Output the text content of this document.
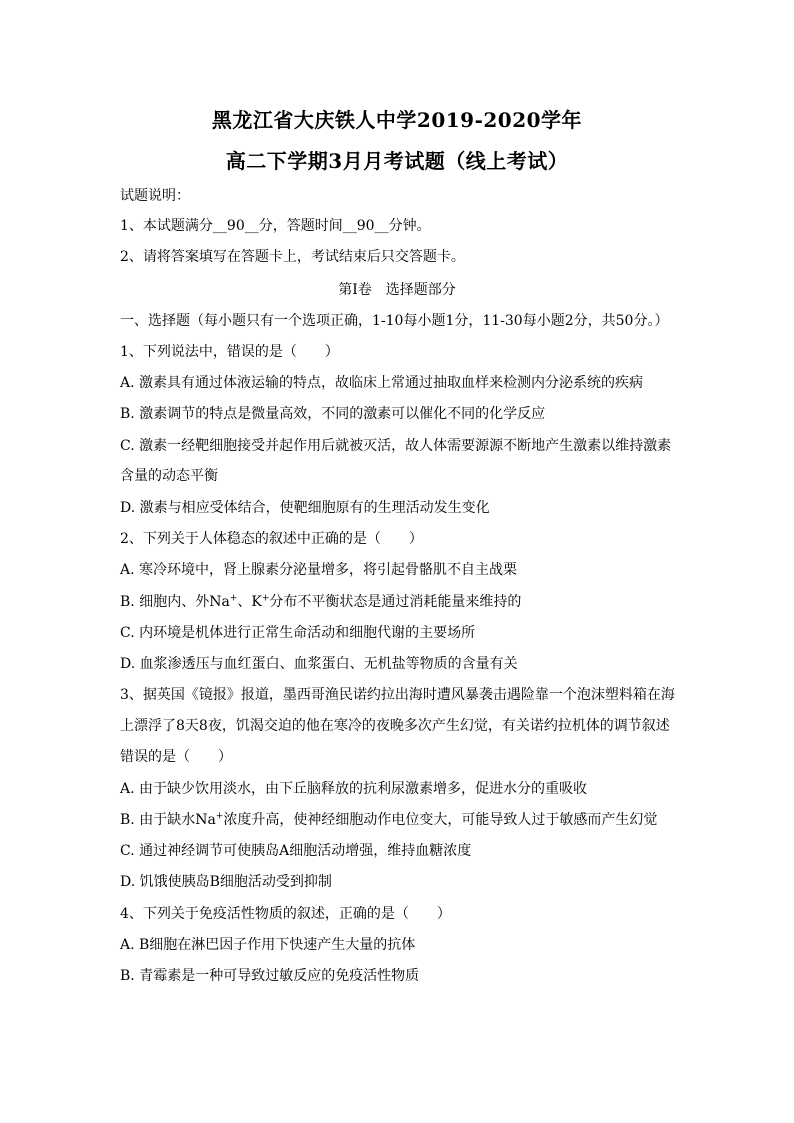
黑龙江省大庆铁人中学2019-2020学年
高二下学期3月月考试题（线上考试）
试题说明：
1、本试题满分__90__分，答题时间__90__分钟。
2、请将答案填写在答题卡上，考试结束后只交答题卡。
第Ⅰ卷　选择题部分
一、选择题（每小题只有一个选项正确，1-10每小题1分，11-30每小题2分，共50分。）
1、下列说法中，错误的是（　　）
A. 激素具有通过体液运输的特点，故临床上常通过抽取血样来检测内分泌系统的疾病
B. 激素调节的特点是微量高效，不同的激素可以催化不同的化学反应
C. 激素一经靶细胞接受并起作用后就被灭活，故人体需要源源不断地产生激素以维持激素
含量的动态平衡
D. 激素与相应受体结合，使靶细胞原有的生理活动发生变化
2、下列关于人体稳态的叙述中正确的是（　　）
A. 寒冷环境中，肾上腺素分泌量增多，将引起骨骼肌不自主战栗
B. 细胞内、外Na+、K+分布不平衡状态是通过消耗能量来维持的
C. 内环境是机体进行正常生命活动和细胞代谢的主要场所
D. 血浆渗透压与血红蛋白、血浆蛋白、无机盐等物质的含量有关
3、据英国《镜报》报道，墨西哥渔民诺约拉出海时遭风暴袭击遇险靠一个泡沫塑料箱在海
上漂浮了8天8夜，饥渴交迫的他在寒冷的夜晚多次产生幻觉，有关诺约拉机体的调节叙述
错误的是（　　）
A. 由于缺少饮用淡水，由下丘脑释放的抗利尿激素增多，促进水分的重吸收
B. 由于缺水Na+浓度升高，使神经细胞动作电位变大，可能导致人过于敏感而产生幻觉
C. 通过神经调节可使胰岛A细胞活动增强，维持血糖浓度
D. 饥饿使胰岛B细胞活动受到抑制
4、下列关于免疫活性物质的叙述，正确的是（　　）
A. B细胞在淋巴因子作用下快速产生大量的抗体
B. 青霉素是一种可导致过敏反应的免疫活性物质
